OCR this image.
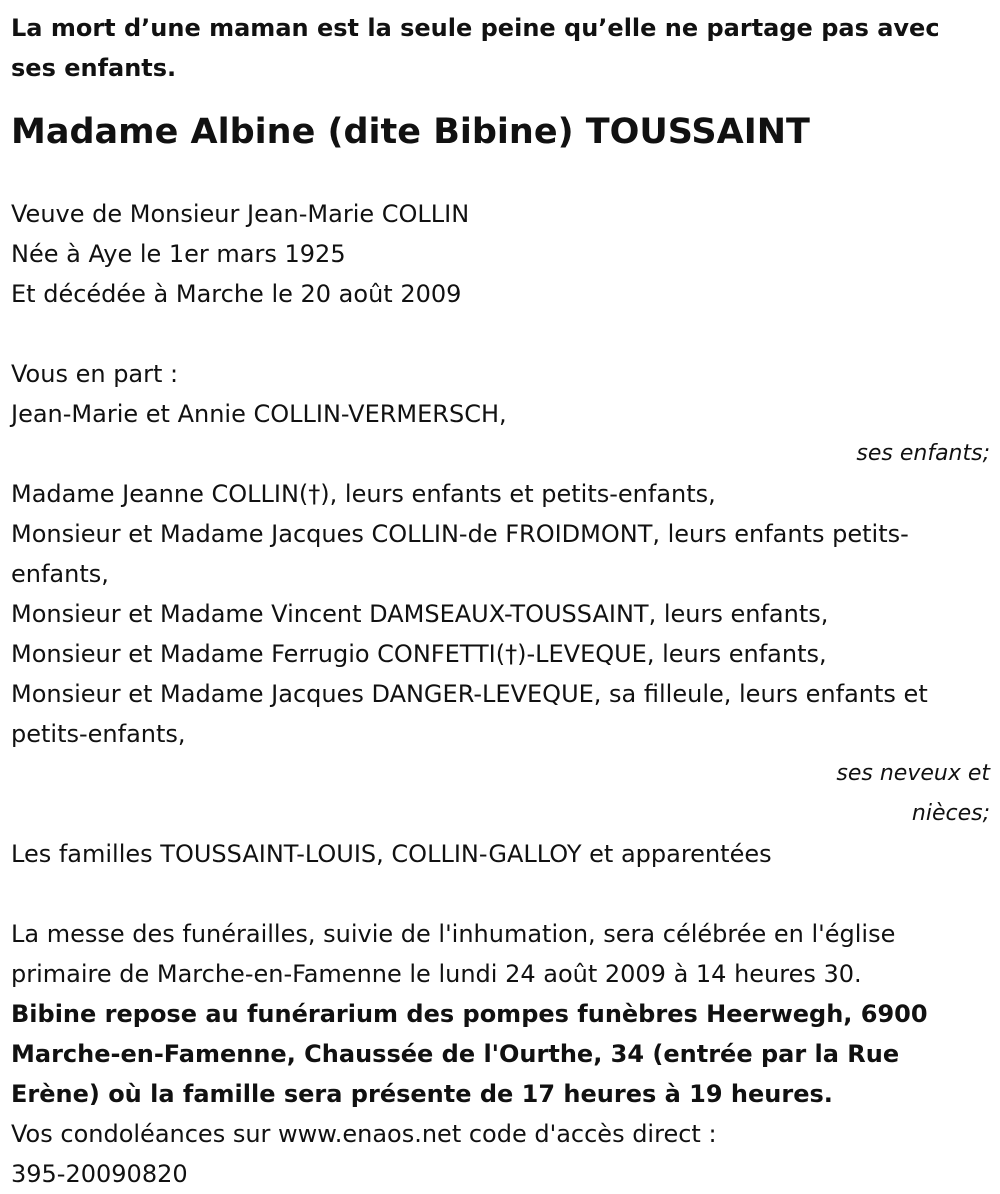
La mort d’une maman est la seule peine qu’elle ne partage pas avec ses enfants.

Madame Albine (dite Bibine) TOUSSAINT
Veuve de Monsieur Jean-Marie COLLIN
Née à Aye le 1er mars 1925
Et décédée à Marche le 20 août 2009
Vous en part :
Jean-Marie et Annie COLLIN-VERMERSCH,
ses enfants;
Madame Jeanne COLLIN(†), leurs enfants et petits-enfants,
Monsieur et Madame Jacques COLLIN-de FROIDMONT, leurs enfants petits-enfants,
Monsieur et Madame Vincent DAMSEAUX-TOUSSAINT, leurs enfants,
Monsieur et Madame Ferrugio CONFETTI(†)-LEVEQUE, leurs enfants,
Monsieur et Madame Jacques DANGER-LEVEQUE, sa filleule, leurs enfants et petits-enfants,
ses neveux et
nièces;
Les familles TOUSSAINT-LOUIS, COLLIN-GALLOY et apparentées
La messe des funérailles, suivie de l'inhumation, sera célébrée en l'église primaire de Marche-en-Famenne le lundi 24 août 2009 à 14 heures 30.
Bibine repose au funérarium des pompes funèbres Heerwegh, 6900 Marche-en-Famenne, Chaussée de l'Ourthe, 34 (entrée par la Rue Erène) où la famille sera présente de 17 heures à 19 heures.
Vos condoléances sur www.enaos.net code d'accès direct :
395-20090820
